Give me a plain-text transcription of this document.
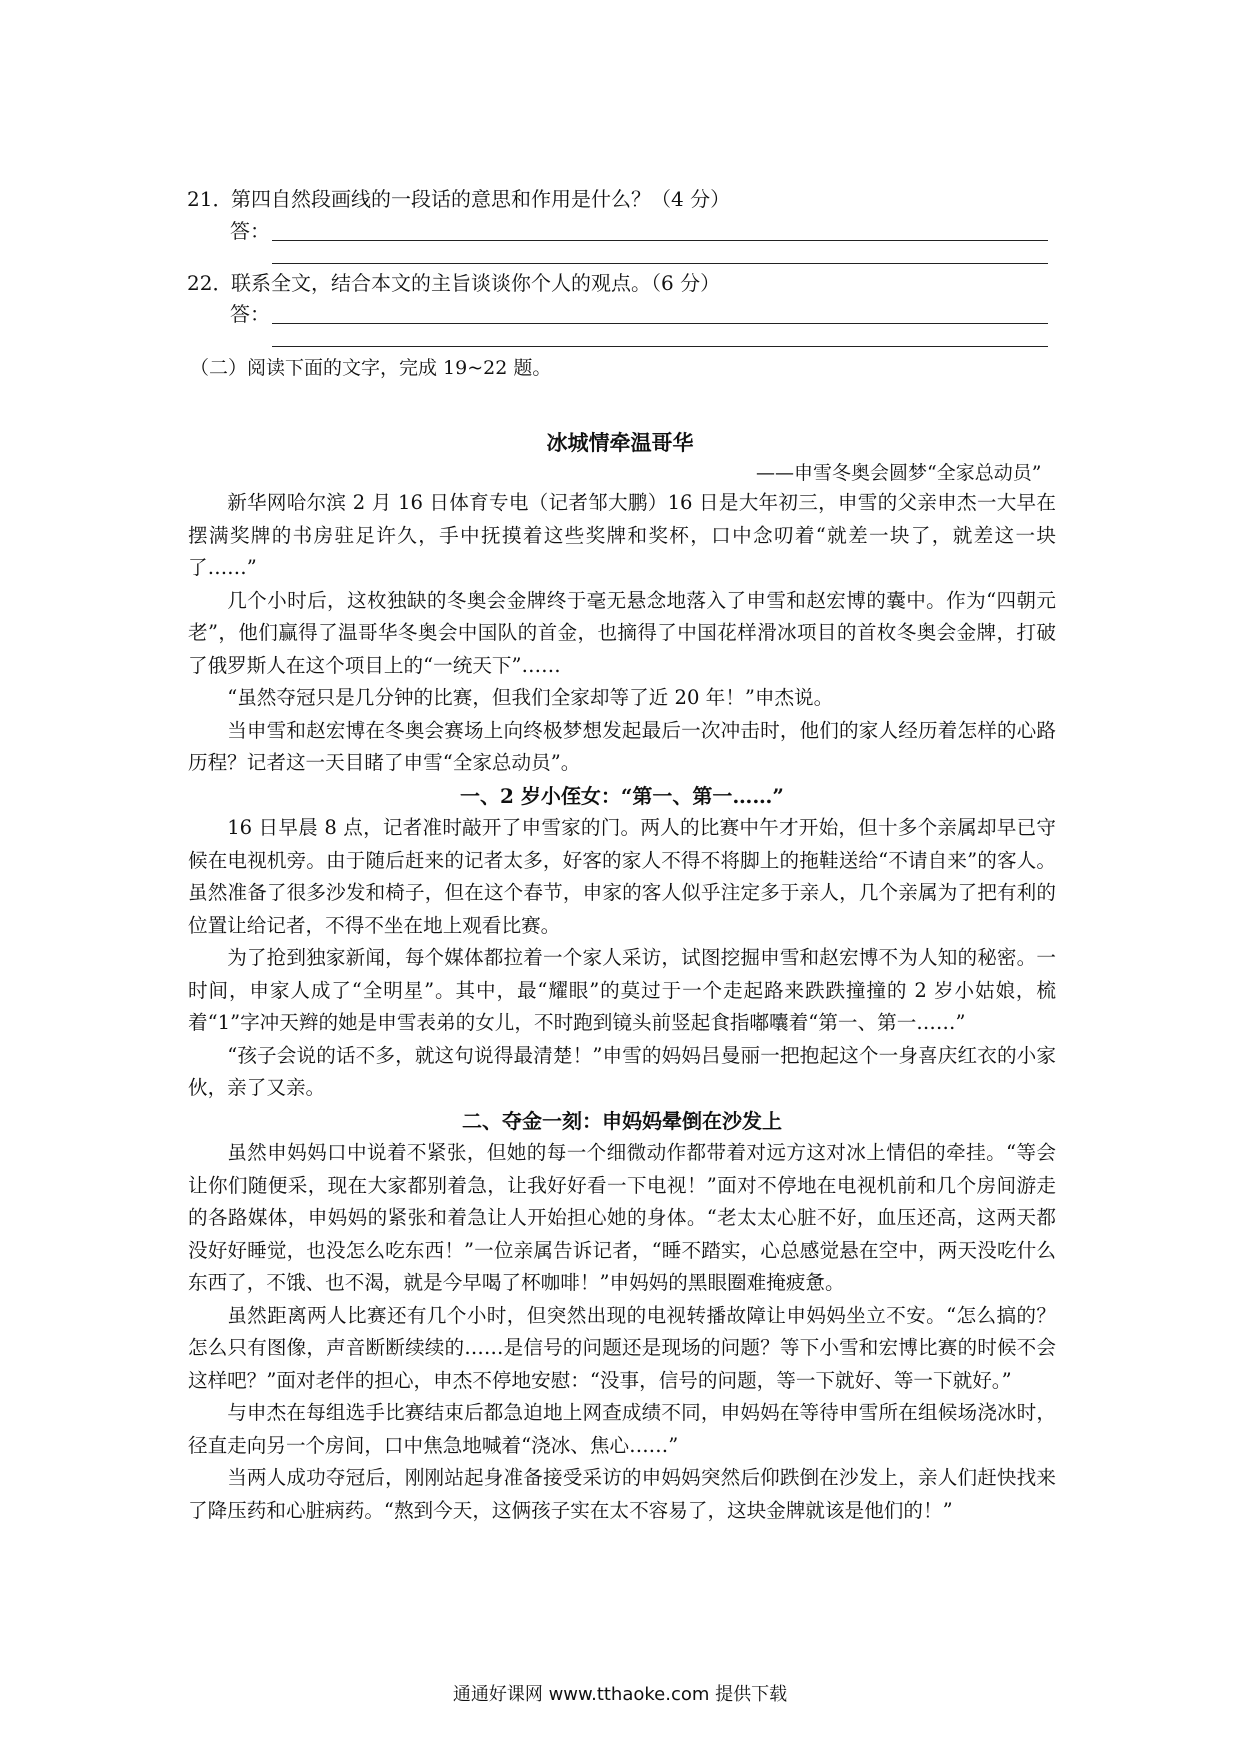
21．第四自然段画线的一段话的意思和作用是什么？（4 分）
答：
22．联系全文，结合本文的主旨谈谈你个人的观点。（6 分）
答：
（二）阅读下面的文字，完成 19~22 题。
冰城情牵温哥华
——申雪冬奥会圆梦“全家总动员”

新华网哈尔滨 2 月 16 日体育专电（记者邹大鹏）16 日是大年初三，申雪的父亲申杰一大早在摆满奖牌的书房驻足许久，手中抚摸着这些奖牌和奖杯，口中念叨着“就差一块了，就差这一块了……”

几个小时后，这枚独缺的冬奥会金牌终于毫无悬念地落入了申雪和赵宏博的囊中。作为“四朝元老”，他们赢得了温哥华冬奥会中国队的首金，也摘得了中国花样滑冰项目的首枚冬奥会金牌，打破了俄罗斯人在这个项目上的“一统天下”……

“虽然夺冠只是几分钟的比赛，但我们全家却等了近 20 年！”申杰说。

当申雪和赵宏博在冬奥会赛场上向终极梦想发起最后一次冲击时，他们的家人经历着怎样的心路历程？记者这一天目睹了申雪“全家总动员”。

一、2 岁小侄女：“第一、第一……”

16 日早晨 8 点，记者准时敲开了申雪家的门。两人的比赛中午才开始，但十多个亲属却早已守候在电视机旁。由于随后赶来的记者太多，好客的家人不得不将脚上的拖鞋送给“不请自来”的客人。虽然准备了很多沙发和椅子，但在这个春节，申家的客人似乎注定多于亲人，几个亲属为了把有利的位置让给记者，不得不坐在地上观看比赛。

为了抢到独家新闻，每个媒体都拉着一个家人采访，试图挖掘申雪和赵宏博不为人知的秘密。一时间，申家人成了“全明星”。其中，最“耀眼”的莫过于一个走起路来跌跌撞撞的 2 岁小姑娘，梳着“1”字冲天辫的她是申雪表弟的女儿，不时跑到镜头前竖起食指嘟囔着“第一、第一……”

“孩子会说的话不多，就这句说得最清楚！”申雪的妈妈吕曼丽一把抱起这个一身喜庆红衣的小家伙，亲了又亲。

二、夺金一刻：申妈妈晕倒在沙发上

虽然申妈妈口中说着不紧张，但她的每一个细微动作都带着对远方这对冰上情侣的牵挂。“等会让你们随便采，现在大家都别着急，让我好好看一下电视！”面对不停地在电视机前和几个房间游走的各路媒体，申妈妈的紧张和着急让人开始担心她的身体。“老太太心脏不好，血压还高，这两天都没好好睡觉，也没怎么吃东西！”一位亲属告诉记者，“睡不踏实，心总感觉悬在空中，两天没吃什么东西了，不饿、也不渴，就是今早喝了杯咖啡！”申妈妈的黑眼圈难掩疲惫。

虽然距离两人比赛还有几个小时，但突然出现的电视转播故障让申妈妈坐立不安。“怎么搞的？怎么只有图像，声音断断续续的……是信号的问题还是现场的问题？等下小雪和宏博比赛的时候不会这样吧？”面对老伴的担心，申杰不停地安慰：“没事，信号的问题，等一下就好、等一下就好。”

与申杰在每组选手比赛结束后都急迫地上网查成绩不同，申妈妈在等待申雪所在组候场浇冰时，径直走向另一个房间，口中焦急地喊着“浇冰、焦心……”

当两人成功夺冠后，刚刚站起身准备接受采访的申妈妈突然后仰跌倒在沙发上，亲人们赶快找来了降压药和心脏病药。“熬到今天，这俩孩子实在太不容易了，这块金牌就该是他们的！”

通通好课网 www.tthaoke.com 提供下载
